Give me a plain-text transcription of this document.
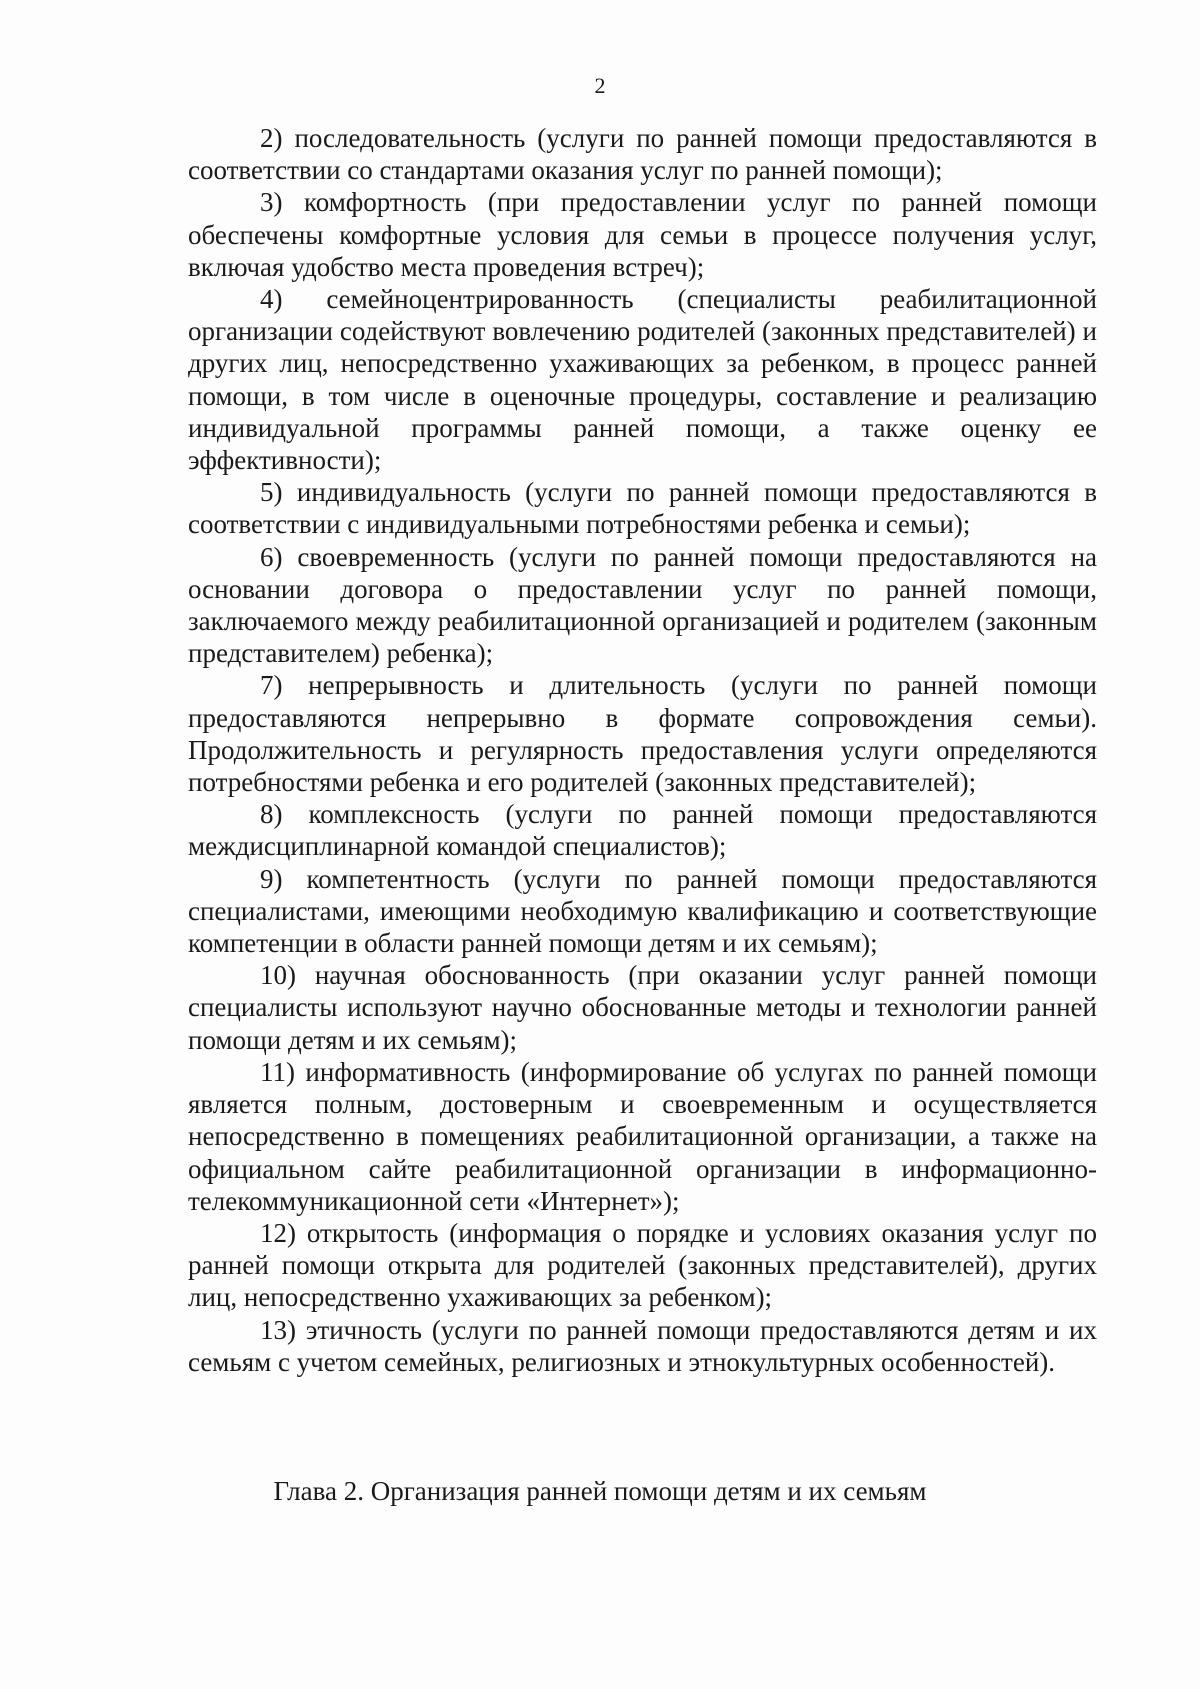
2

2) последовательность (услуги по ранней помощи предоставляются в соответствии со стандартами оказания услуг по ранней помощи);

3) комфортность (при предоставлении услуг по ранней помощи обеспечены комфортные условия для семьи в процессе получения услуг, включая удобство места проведения встреч);

4) семейноцентрированность (специалисты реабилитационной организации содействуют вовлечению родителей (законных представителей) и других лиц, непосредственно ухаживающих за ребенком, в процесс ранней помощи, в том числе в оценочные процедуры, составление и реализацию индивидуальной программы ранней помощи, а также оценку ее эффективности);

5) индивидуальность (услуги по ранней помощи предоставляются в соответствии с индивидуальными потребностями ребенка и семьи);

6) своевременность (услуги по ранней помощи предоставляются на основании договора о предоставлении услуг по ранней помощи, заключаемого между реабилитационной организацией и родителем (законным представителем) ребенка);

7) непрерывность и длительность (услуги по ранней помощи предоставляются непрерывно в формате сопровождения семьи). Продолжительность и регулярность предоставления услуги определяются потребностями ребенка и его родителей (законных представителей);

8) комплексность (услуги по ранней помощи предоставляются междисциплинарной командой специалистов);

9) компетентность (услуги по ранней помощи предоставляются специалистами, имеющими необходимую квалификацию и соответствующие компетенции в области ранней помощи детям и их семьям);

10) научная обоснованность (при оказании услуг ранней помощи специалисты используют научно обоснованные методы и технологии ранней помощи детям и их семьям);

11) информативность (информирование об услугах по ранней помощи является полным, достоверным и своевременным и осуществляется непосредственно в помещениях реабилитационной организации, а также на официальном сайте реабилитационной организации в информационно-телекоммуникационной сети «Интернет»);

12) открытость (информация о порядке и условиях оказания услуг по ранней помощи открыта для родителей (законных представителей), других лиц, непосредственно ухаживающих за ребенком);

13) этичность (услуги по ранней помощи предоставляются детям и их семьям с учетом семейных, религиозных и этнокультурных особенностей).

Глава 2. Организация ранней помощи детям и их семьям
